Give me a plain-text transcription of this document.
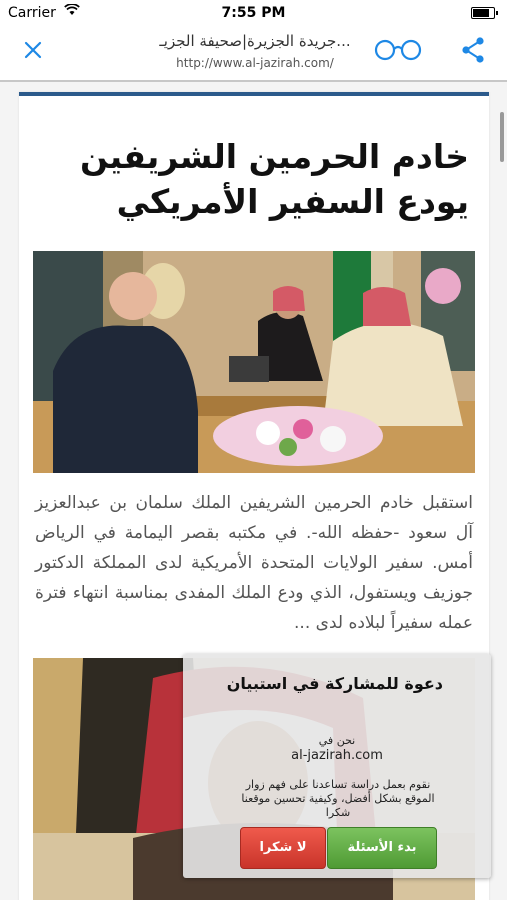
Carrier	7:55 PM
جريدة الجزيرة|صحيفة الجزيـ...
http://www.al-jazirah.com/
خادم الحرمين الشريفين
يودع السفير الأمريكي
استقبل خادم الحرمين الشريفين الملك سلمان بن عبدالعزيز آل سعود -حفظه الله-. في مكتبه بقصر اليمامة في الرياض أمس. سفير الولايات المتحدة الأمريكية لدى المملكة الدكتور جوزيف ويستفول، الذي ودع الملك المفدى بمناسبة انتهاء فترة عمله سفيراً لبلاده لدى ...
دعوة للمشاركة في استبيان
نحن في
al-jazirah.com
نقوم بعمل دراسة تساعدنا على فهم زوار الموقع بشكل أفضل، وكيفية تحسين موقعنا شكرا
بدء الأسئلة
لا شكرا
